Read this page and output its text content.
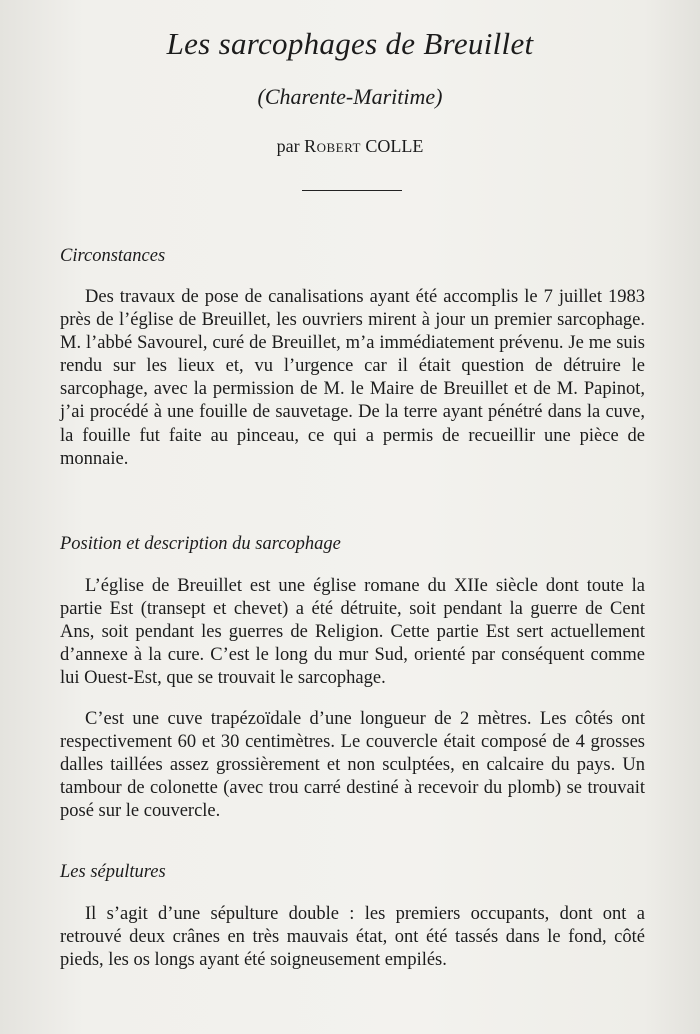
Les sarcophages de Breuillet
(Charente-Maritime)
par Robert COLLE
Circonstances

Des travaux de pose de canalisations ayant été accomplis le 7 juillet 1983 près de l’église de Breuillet, les ouvriers mirent à jour un premier sarcophage. M. l’abbé Savourel, curé de Breuillet, m’a immédiatement prévenu. Je me suis rendu sur les lieux et, vu l’urgence car il était question de détruire le sarcophage, avec la permission de M. le Maire de Breuillet et de M. Papinot, j’ai procédé à une fouille de sauvetage. De la terre ayant pénétré dans la cuve, la fouille fut faite au pinceau, ce qui a permis de recueillir une pièce de monnaie.

Position et description du sarcophage

L’église de Breuillet est une église romane du XIIe siècle dont toute la partie Est (transept et chevet) a été détruite, soit pendant la guerre de Cent Ans, soit pendant les guerres de Religion. Cette partie Est sert actuellement d’annexe à la cure. C’est le long du mur Sud, orienté par conséquent comme lui Ouest-Est, que se trouvait le sarcophage.

C’est une cuve trapézoïdale d’une longueur de 2 mètres. Les côtés ont respectivement 60 et 30 centimètres. Le couvercle était composé de 4 grosses dalles taillées assez grossièrement et non sculptées, en calcaire du pays. Un tambour de colonette (avec trou carré destiné à recevoir du plomb) se trouvait posé sur le couvercle.

Les sépultures

Il s’agit d’une sépulture double : les premiers occupants, dont ont a retrouvé deux crânes en très mauvais état, ont été tassés dans le fond, côté pieds, les os longs ayant été soigneusement empilés.
